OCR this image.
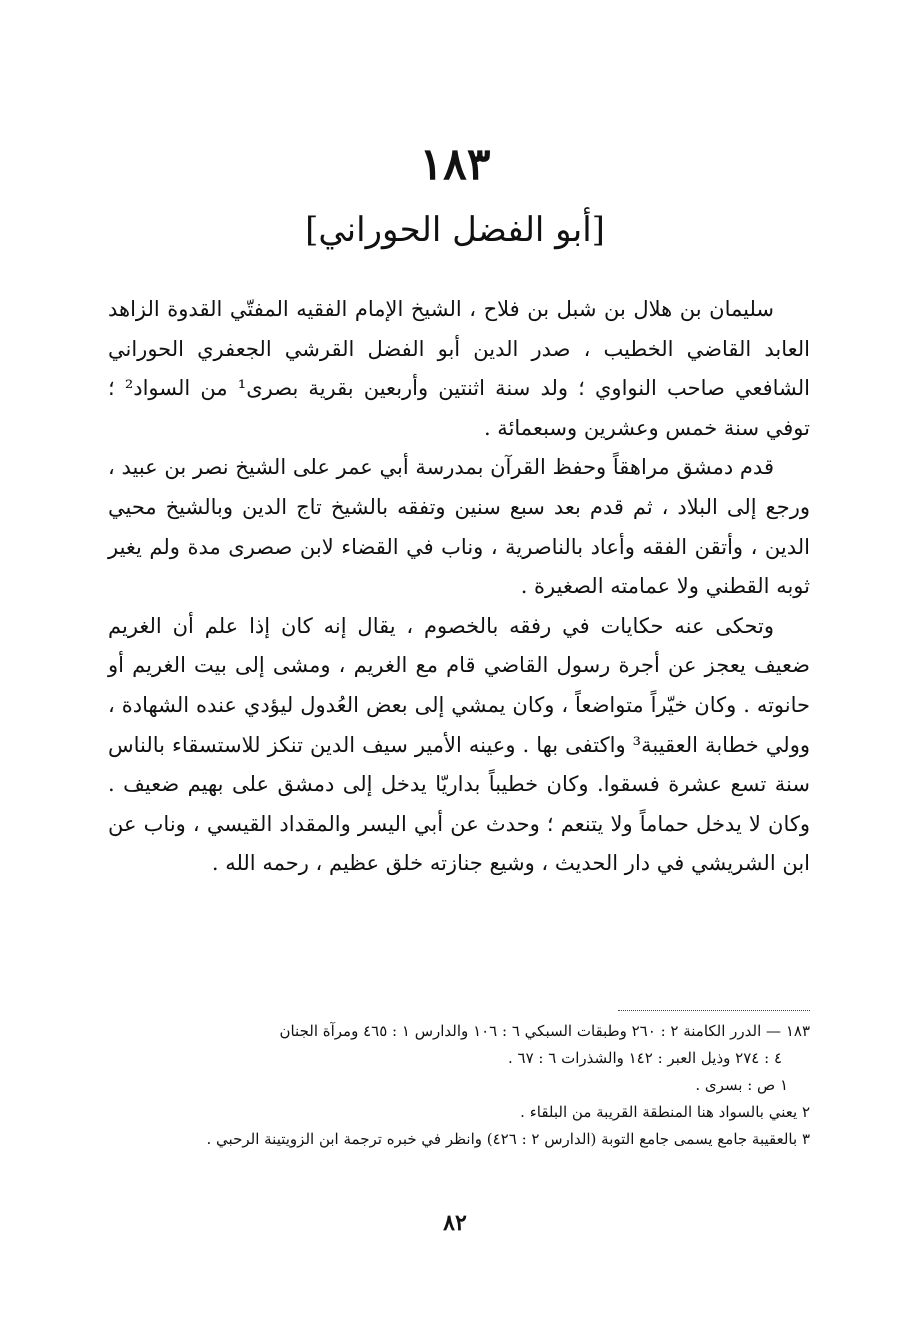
١٨٣
[أبو الفضل الحوراني]

سليمان بن هلال بن شبل بن فلاح ، الشيخ الإمام الفقيه المفتّي القدوة الزاهد العابد القاضي الخطيب ، صدر الدين أبو الفضل القرشي الجعفري الحوراني الشافعي صاحب النواوي ؛ ولد سنة اثنتين وأربعين بقرية بصرى¹ من السواد² ؛ توفي سنة خمس وعشرين وسبعمائة .

قدم دمشق مراهقاً وحفظ القرآن بمدرسة أبي عمر على الشيخ نصر بن عبيد ، ورجع إلى البلاد ، ثم قدم بعد سبع سنين وتفقه بالشيخ تاج الدين وبالشيخ محيي الدين ، وأتقن الفقه وأعاد بالناصرية ، وناب في القضاء لابن صصرى مدة ولم يغير ثوبه القطني ولا عمامته الصغيرة .

وتحكى عنه حكايات في رفقه بالخصوم ، يقال إنه كان إذا علم أن الغريم ضعيف يعجز عن أجرة رسول القاضي قام مع الغريم ، ومشى إلى بيت الغريم أو حانوته . وكان خيّراً متواضعاً ، وكان يمشي إلى بعض العُدول ليؤدي عنده الشهادة ، وولي خطابة العقيبة³ واكتفى بها . وعينه الأمير سيف الدين تنكز للاستسقاء بالناس سنة تسع عشرة فسقوا. وكان خطيباً بداريّا يدخل إلى دمشق على بهيم ضعيف . وكان لا يدخل حماماً ولا يتنعم ؛ وحدث عن أبي اليسر والمقداد القيسي ، وناب عن ابن الشريشي في دار الحديث ، وشيع جنازته خلق عظيم ، رحمه الله .

١٨٣ — الدرر الكامنة ٢ : ٢٦٠ وطبقات السبكي ٦ : ١٠٦ والدارس ١ : ٤٦٥ ومرآة الجنان

٤ : ٢٧٤ وذيل العبر : ١٤٢ والشذرات ٦ : ٦٧ .

١ ص : بسرى .

٢ يعني بالسواد هنا المنطقة القريبة من البلقاء .

٣ بالعقيبة جامع يسمى جامع التوبة (الدارس ٢ : ٤٢٦) وانظر في خبره ترجمة ابن الزويتينة الرحبي .

٨٢
